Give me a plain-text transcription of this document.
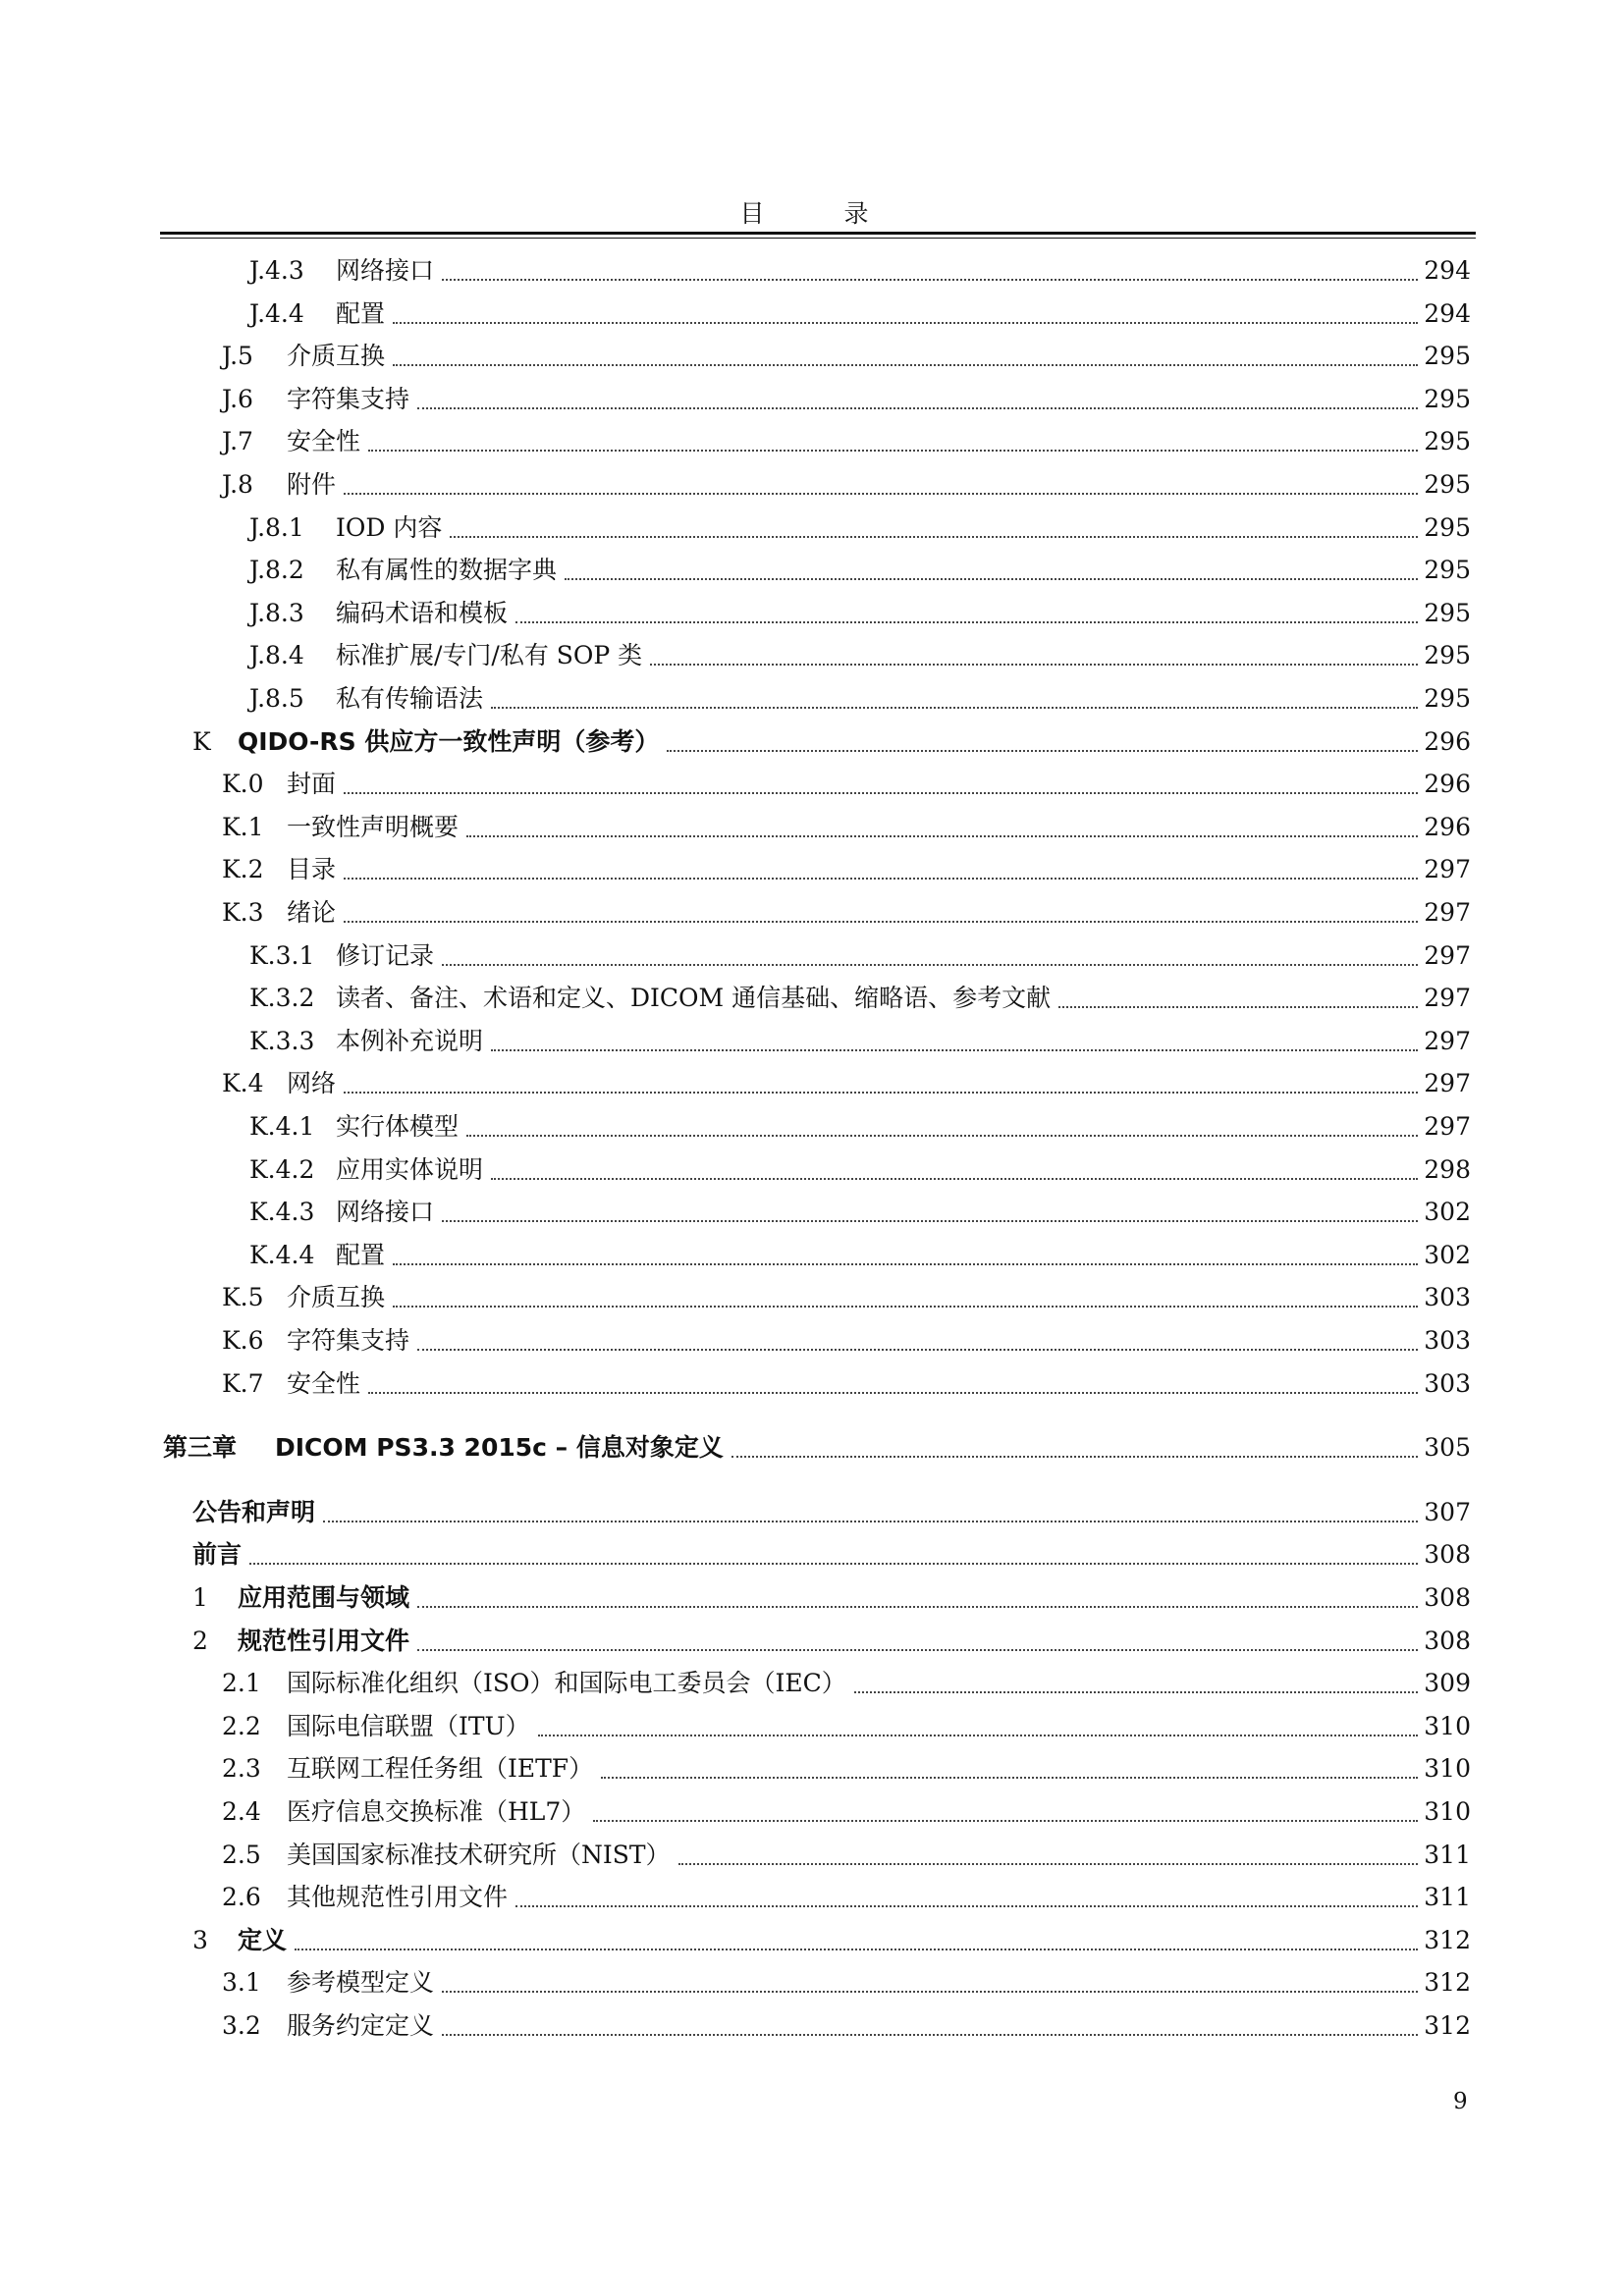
目　录
J.4.3	网络接口	294
J.4.4	配置	294
J.5	介质互换	295
J.6	字符集支持	295
J.7	安全性	295
J.8	附件	295
J.8.1	IOD 内容	295
J.8.2	私有属性的数据字典	295
J.8.3	编码术语和模板	295
J.8.4	标准扩展/专门/私有 SOP 类	295
J.8.5	私有传输语法	295
K	QIDO-RS 供应方一致性声明（参考）	296
K.0 封面	296
K.1 一致性声明概要	296
K.2 目录	297
K.3 绪论	297
K.3.1 修订记录	297
K.3.2 读者、备注、术语和定义、DICOM 通信基础、缩略语、参考文献	297
K.3.3 本例补充说明	297
K.4 网络	297
K.4.1 实行体模型	297
K.4.2 应用实体说明	298
K.4.3 网络接口	302
K.4.4 配置	302
K.5 介质互换	303
K.6 字符集支持	303
K.7 安全性	303
第三章	DICOM PS3.3 2015c – 信息对象定义	305
公告和声明	307
前言	308
1	应用范围与领域	308
2	规范性引用文件	308
2.1	国际标准化组织（ISO）和国际电工委员会（IEC）	309
2.2	国际电信联盟（ITU）	310
2.3	互联网工程任务组（IETF）	310
2.4	医疗信息交换标准（HL7）	310
2.5	美国国家标准技术研究所（NIST）	311
2.6	其他规范性引用文件	311
3	定义	312
3.1	参考模型定义	312
3.2	服务约定定义	312
9
